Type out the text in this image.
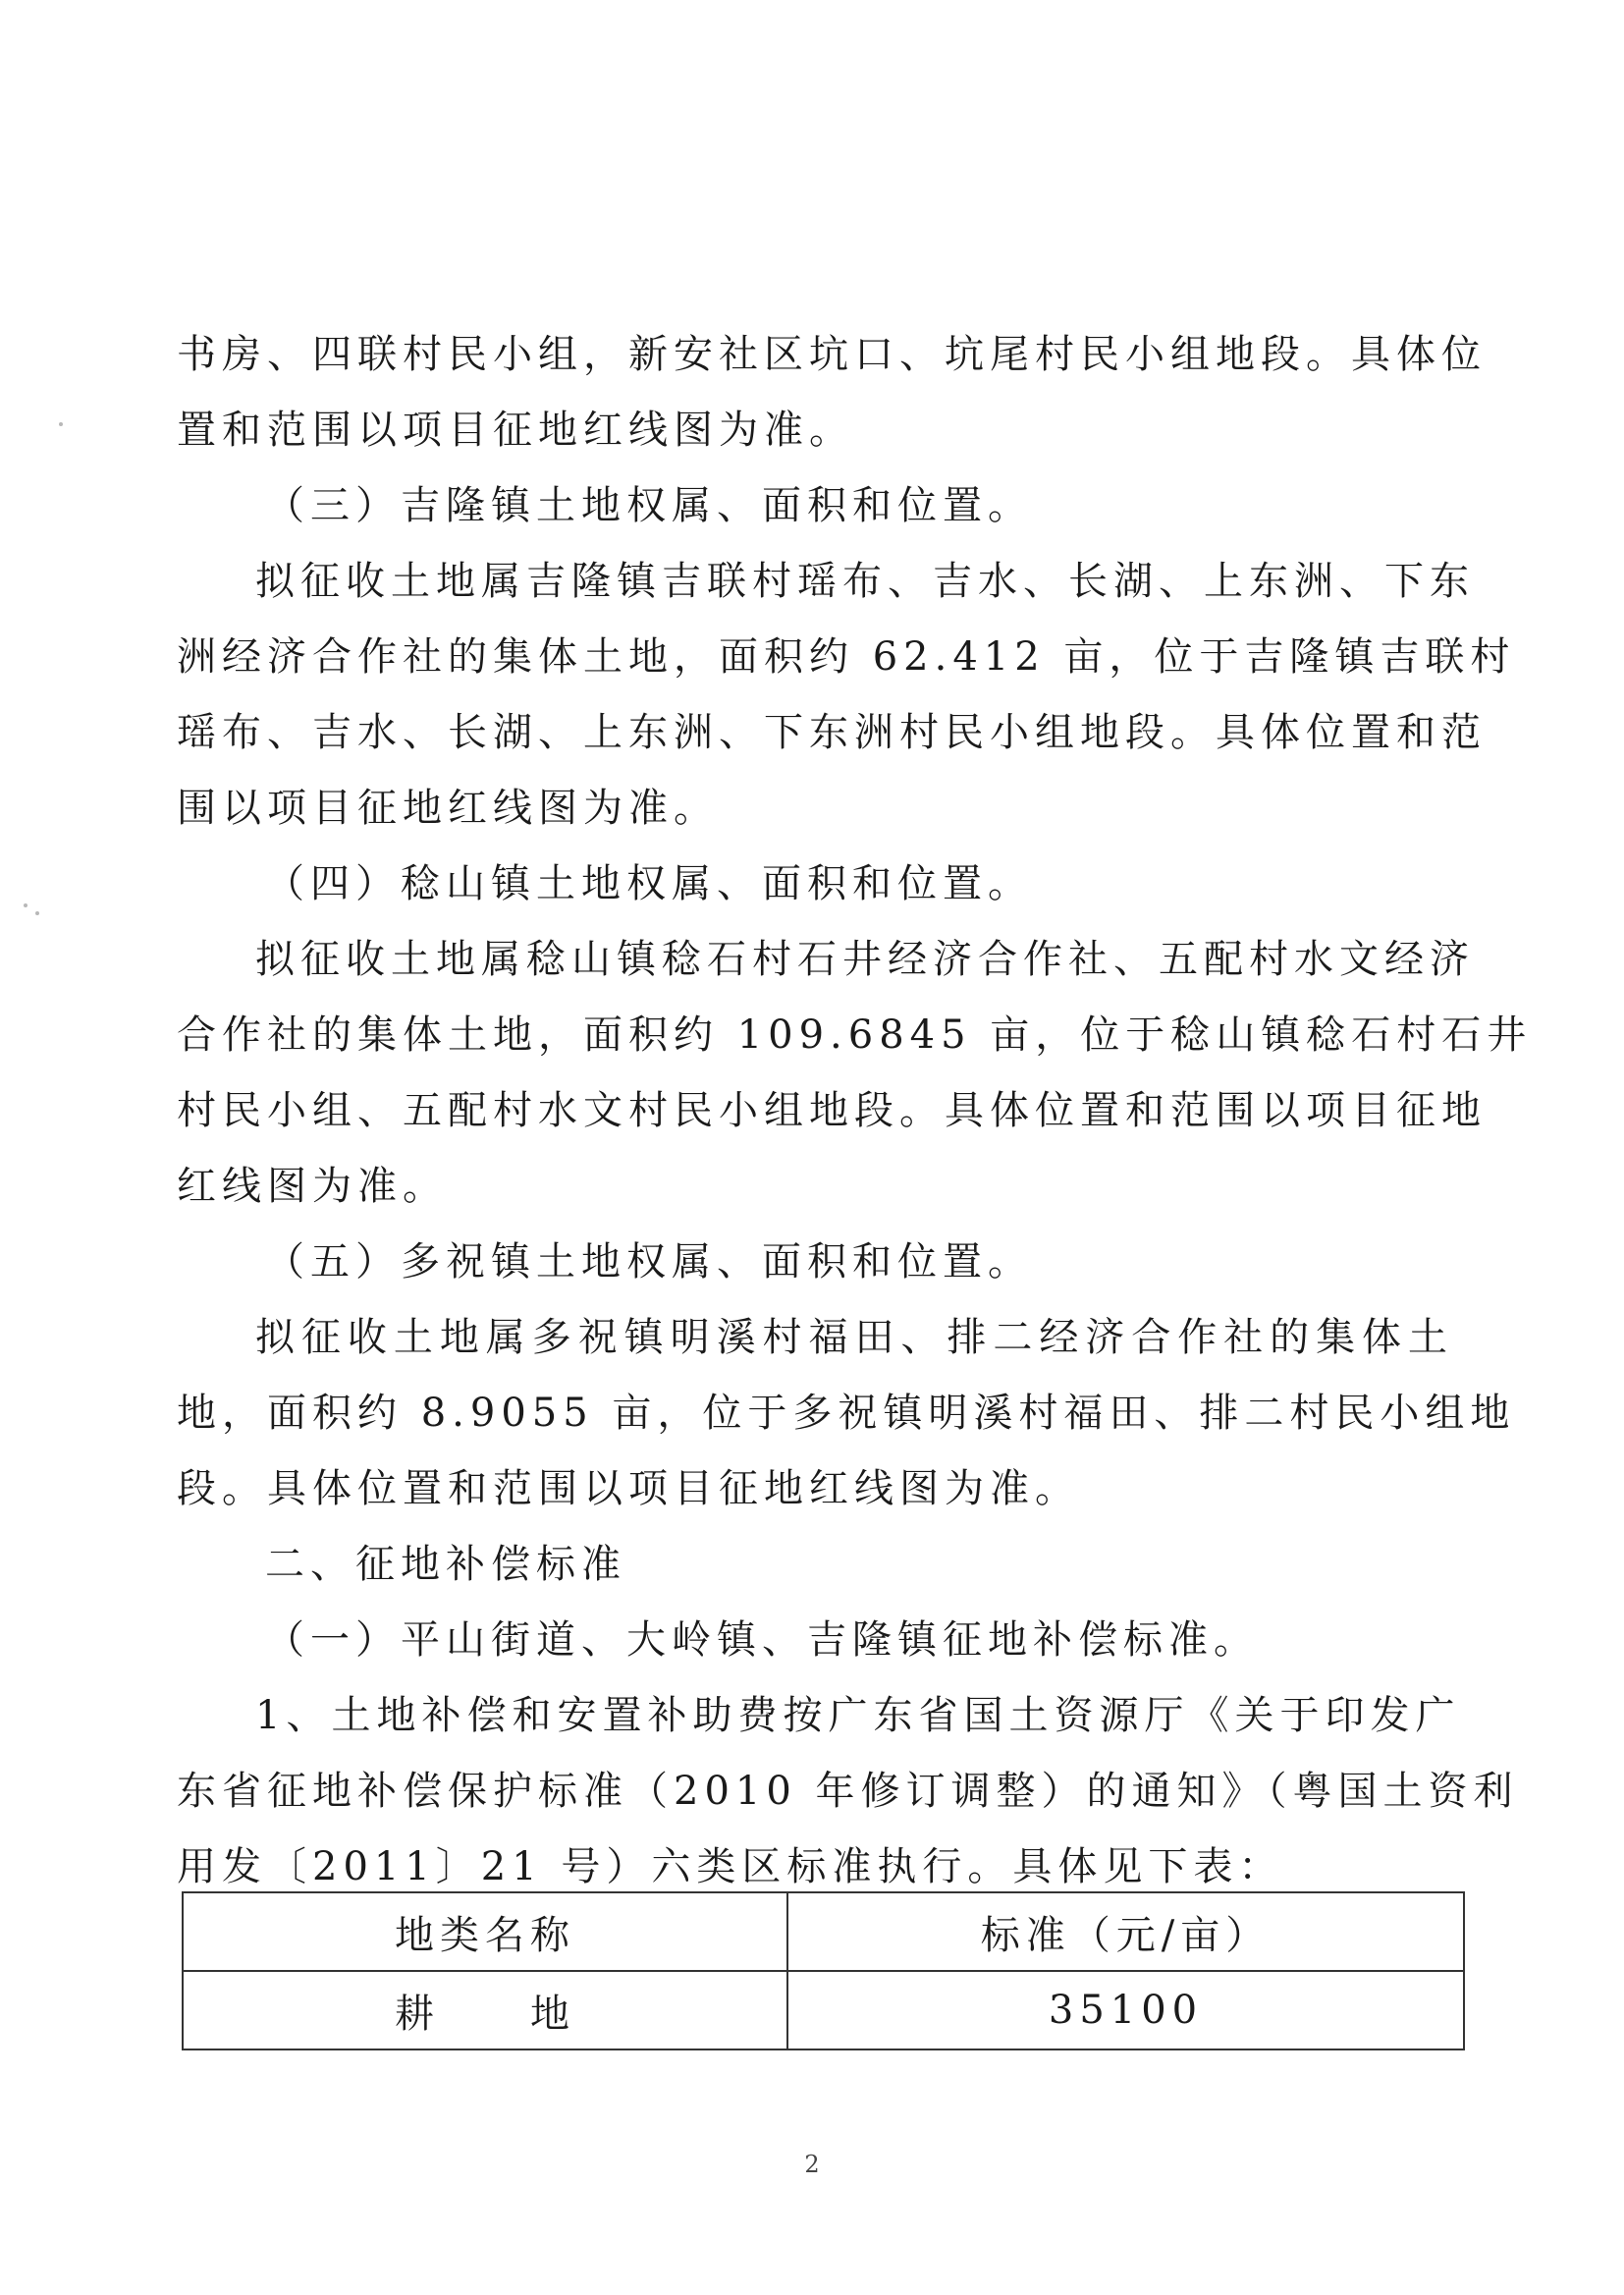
书房、四联村民小组，新安社区坑口、坑尾村民小组地段。具体位
置和范围以项目征地红线图为准。
（三）吉隆镇土地权属、面积和位置。
拟征收土地属吉隆镇吉联村瑶布、吉水、长湖、上东洲、下东
洲经济合作社的集体土地，面积约 62.412 亩，位于吉隆镇吉联村
瑶布、吉水、长湖、上东洲、下东洲村民小组地段。具体位置和范
围以项目征地红线图为准。
（四）稔山镇土地权属、面积和位置。
拟征收土地属稔山镇稔石村石井经济合作社、五配村水文经济
合作社的集体土地，面积约 109.6845 亩，位于稔山镇稔石村石井
村民小组、五配村水文村民小组地段。具体位置和范围以项目征地
红线图为准。
（五）多祝镇土地权属、面积和位置。
拟征收土地属多祝镇明溪村福田、排二经济合作社的集体土
地，面积约 8.9055 亩，位于多祝镇明溪村福田、排二村民小组地
段。具体位置和范围以项目征地红线图为准。
二、征地补偿标准
（一）平山街道、大岭镇、吉隆镇征地补偿标准。
1、土地补偿和安置补助费按广东省国土资源厅《关于印发广
东省征地补偿保护标准（2010 年修订调整）的通知》（粤国土资利
用发〔2011〕21 号）六类区标准执行。具体见下表：
地类名称	标准（元/亩）
耕　　地	35100
2
